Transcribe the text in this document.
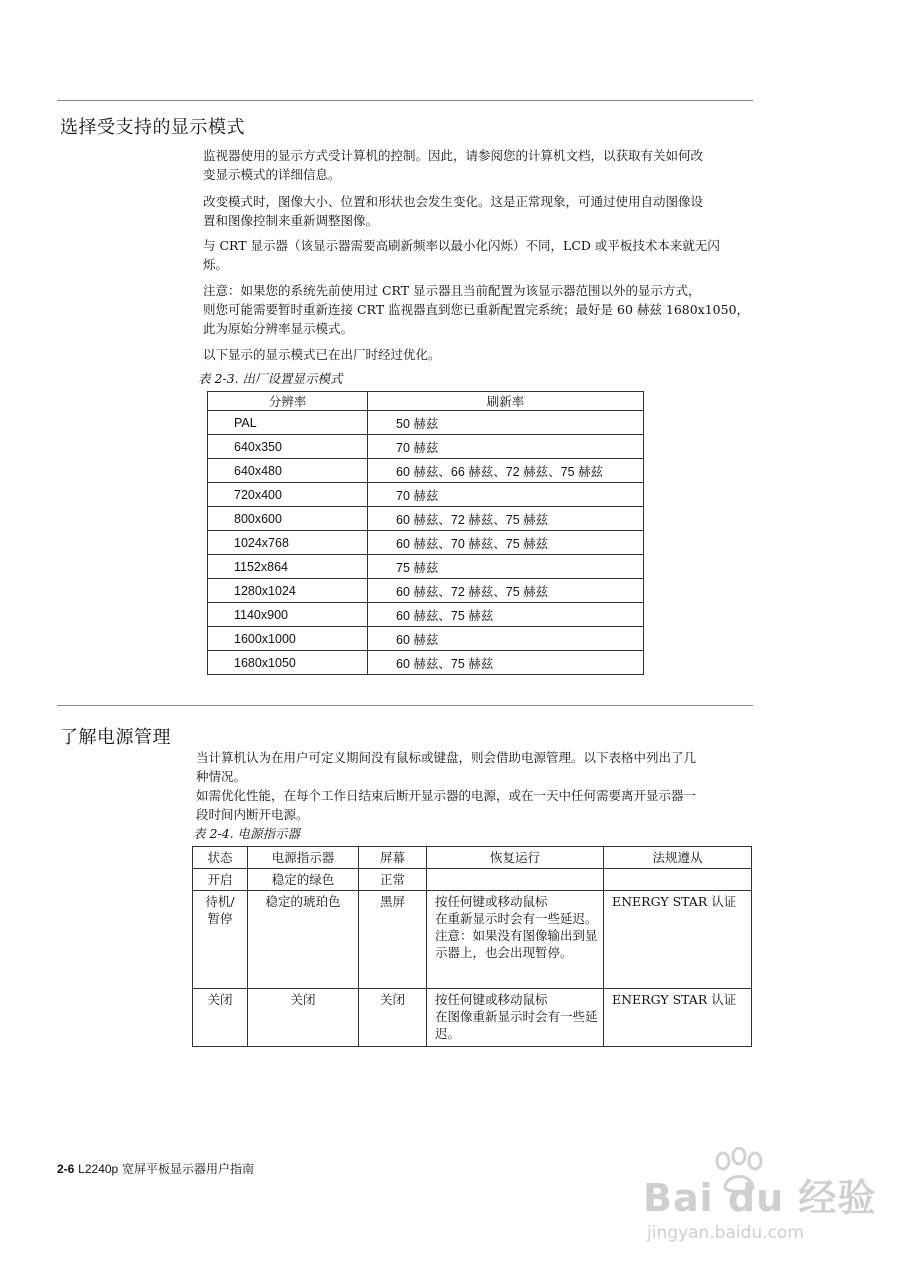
选择受支持的显示模式
监视器使用的显示方式受计算机的控制。因此，请参阅您的计算机文档，以获取有关如何改
变显示模式的详细信息。
改变模式时，图像大小、位置和形状也会发生变化。这是正常现象，可通过使用自动图像设
置和图像控制来重新调整图像。
与 CRT 显示器（该显示器需要高刷新频率以最小化闪烁）不同，LCD 或平板技术本来就无闪
烁。
注意：如果您的系统先前使用过 CRT 显示器且当前配置为该显示器范围以外的显示方式，
则您可能需要暂时重新连接 CRT 监视器直到您已重新配置完系统；最好是 60 赫兹 1680x1050，
此为原始分辨率显示模式。
以下显示的显示模式已在出厂时经过优化。
表 2-3. 出厂设置显示模式
分辨率	刷新率
PAL	50 赫兹
640x350	70 赫兹
640x480	60 赫兹、66 赫兹、72 赫兹、75 赫兹
720x400	70 赫兹
800x600	60 赫兹、72 赫兹、75 赫兹
1024x768	60 赫兹、70 赫兹、75 赫兹
1152x864	75 赫兹
1280x1024	60 赫兹、72 赫兹、75 赫兹
1140x900	60 赫兹、75 赫兹
1600x1000	60 赫兹
1680x1050	60 赫兹、75 赫兹
了解电源管理
当计算机认为在用户可定义期间没有鼠标或键盘，则会借助电源管理。以下表格中列出了几
种情况。
如需优化性能，在每个工作日结束后断开显示器的电源，或在一天中任何需要离开显示器一
段时间内断开电源。
表 2-4. 电源指示器
状态	电源指示器	屏幕	恢复运行	法规遵从
开启	稳定的绿色	正常		
待机/暂停	稳定的琥珀色	黑屏	按任何键或移动鼠标
在重新显示时会有一些延迟。
注意：如果没有图像输出到显示器上，也会出现暂停。	ENERGY STAR 认证
关闭	关闭	关闭	按任何键或移动鼠标
在图像重新显示时会有一些延迟。	ENERGY STAR 认证
2-6 L2240p 宽屏平板显示器用户指南
Bai du 经验
jingyan.baidu.com
